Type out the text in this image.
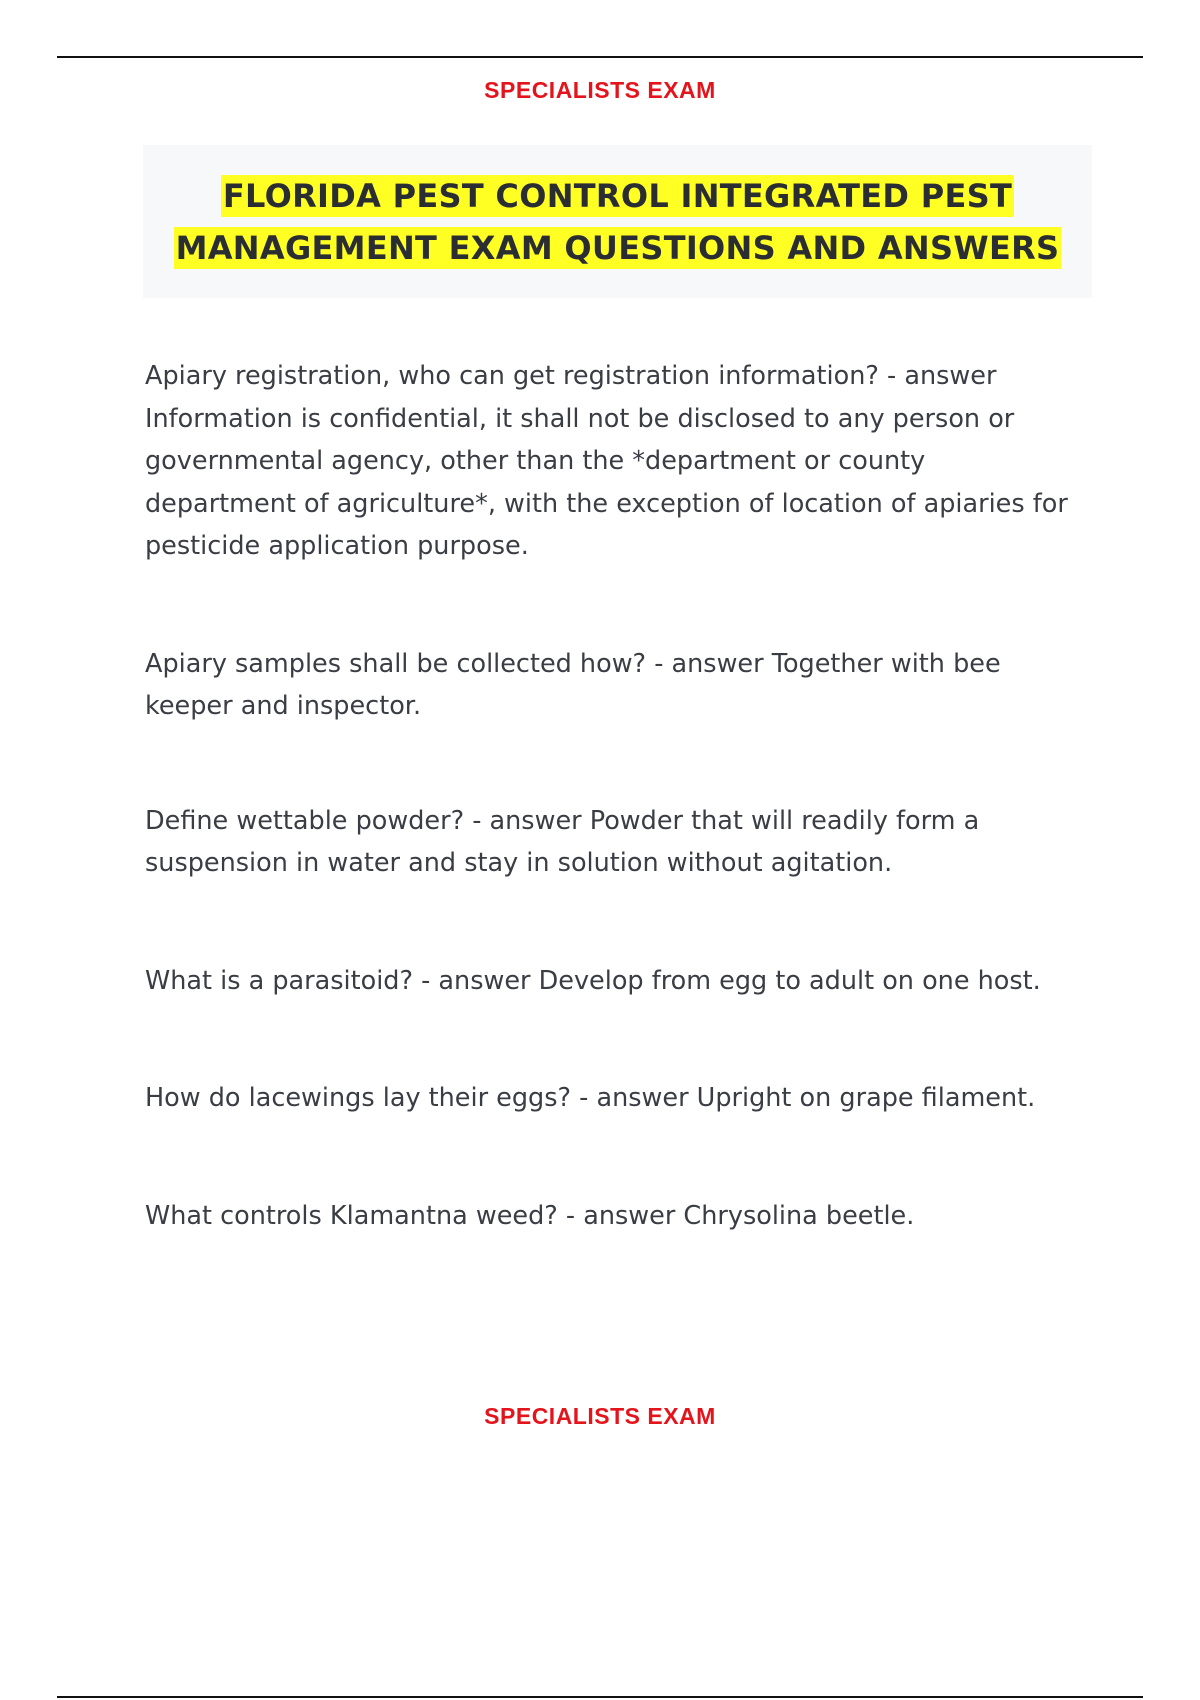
SPECIALISTS EXAM

FLORIDA PEST CONTROL INTEGRATED PEST MANAGEMENT EXAM QUESTIONS AND ANSWERS
Apiary registration, who can get registration information? - answer Information is confidential, it shall not be disclosed to any person or governmental agency, other than the *department or county department of agriculture*, with the exception of location of apiaries for pesticide application purpose.
Apiary samples shall be collected how? - answer Together with bee keeper and inspector.
Define wettable powder? - answer Powder that will readily form a suspension in water and stay in solution without agitation.
What is a parasitoid? - answer Develop from egg to adult on one host.
How do lacewings lay their eggs? - answer Upright on grape filament.
What controls Klamantna weed? - answer Chrysolina beetle.

SPECIALISTS EXAM
